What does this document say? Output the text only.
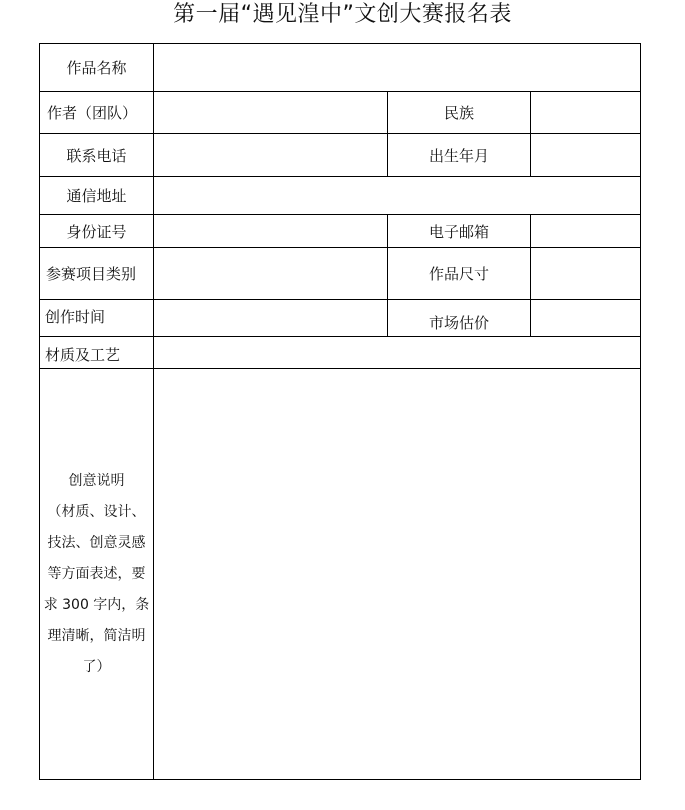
第一届“遇见湟中”文创大赛报名表
作品名称
作者（团队）	民族
联系电话	出生年月
通信地址
身份证号	电子邮箱
参赛项目类别	作品尺寸
创作时间	市场估价
材质及工艺
创意说明
（材质、设计、
技法、创意灵感
等方面表述，要
求 300 字内，条
理清晰，简洁明
了）
